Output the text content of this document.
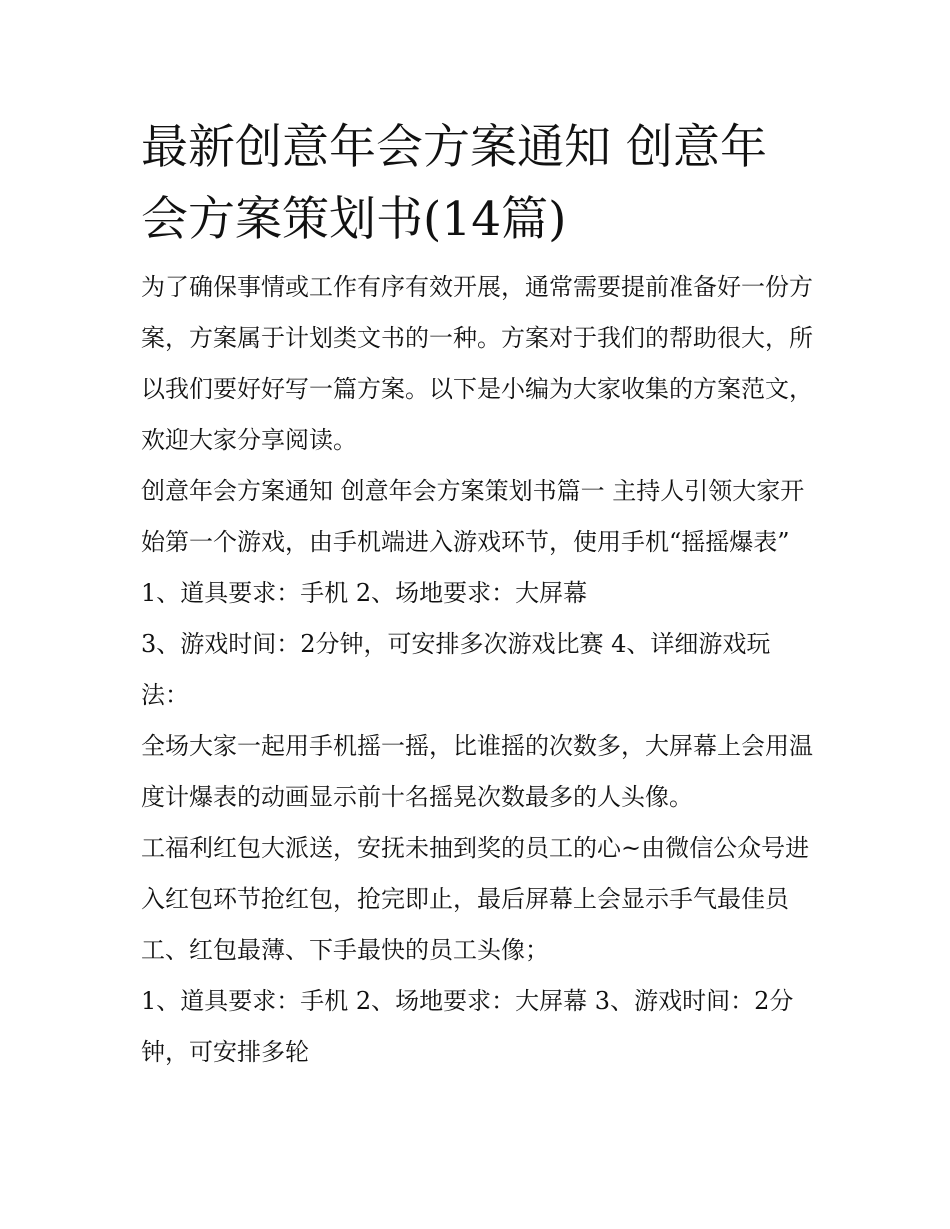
最新创意年会方案通知 创意年会方案策划书(14篇)

为了确保事情或工作有序有效开展，通常需要提前准备好一份方案，方案属于计划类文书的一种。方案对于我们的帮助很大，所以我们要好好写一篇方案。以下是小编为大家收集的方案范文，欢迎大家分享阅读。

创意年会方案通知 创意年会方案策划书篇一 主持人引领大家开始第一个游戏，由手机端进入游戏环节，使用手机“摇摇爆表” 1、道具要求：手机 2、场地要求：大屏幕

3、游戏时间：2分钟，可安排多次游戏比赛 4、详细游戏玩法：

全场大家一起用手机摇一摇，比谁摇的次数多，大屏幕上会用温度计爆表的动画显示前十名摇晃次数最多的人头像。

工福利红包大派送，安抚未抽到奖的员工的心~由微信公众号进入红包环节抢红包，抢完即止，最后屏幕上会显示手气最佳员工、红包最薄、下手最快的员工头像；

1、道具要求：手机 2、场地要求：大屏幕 3、游戏时间：2分钟，可安排多轮
